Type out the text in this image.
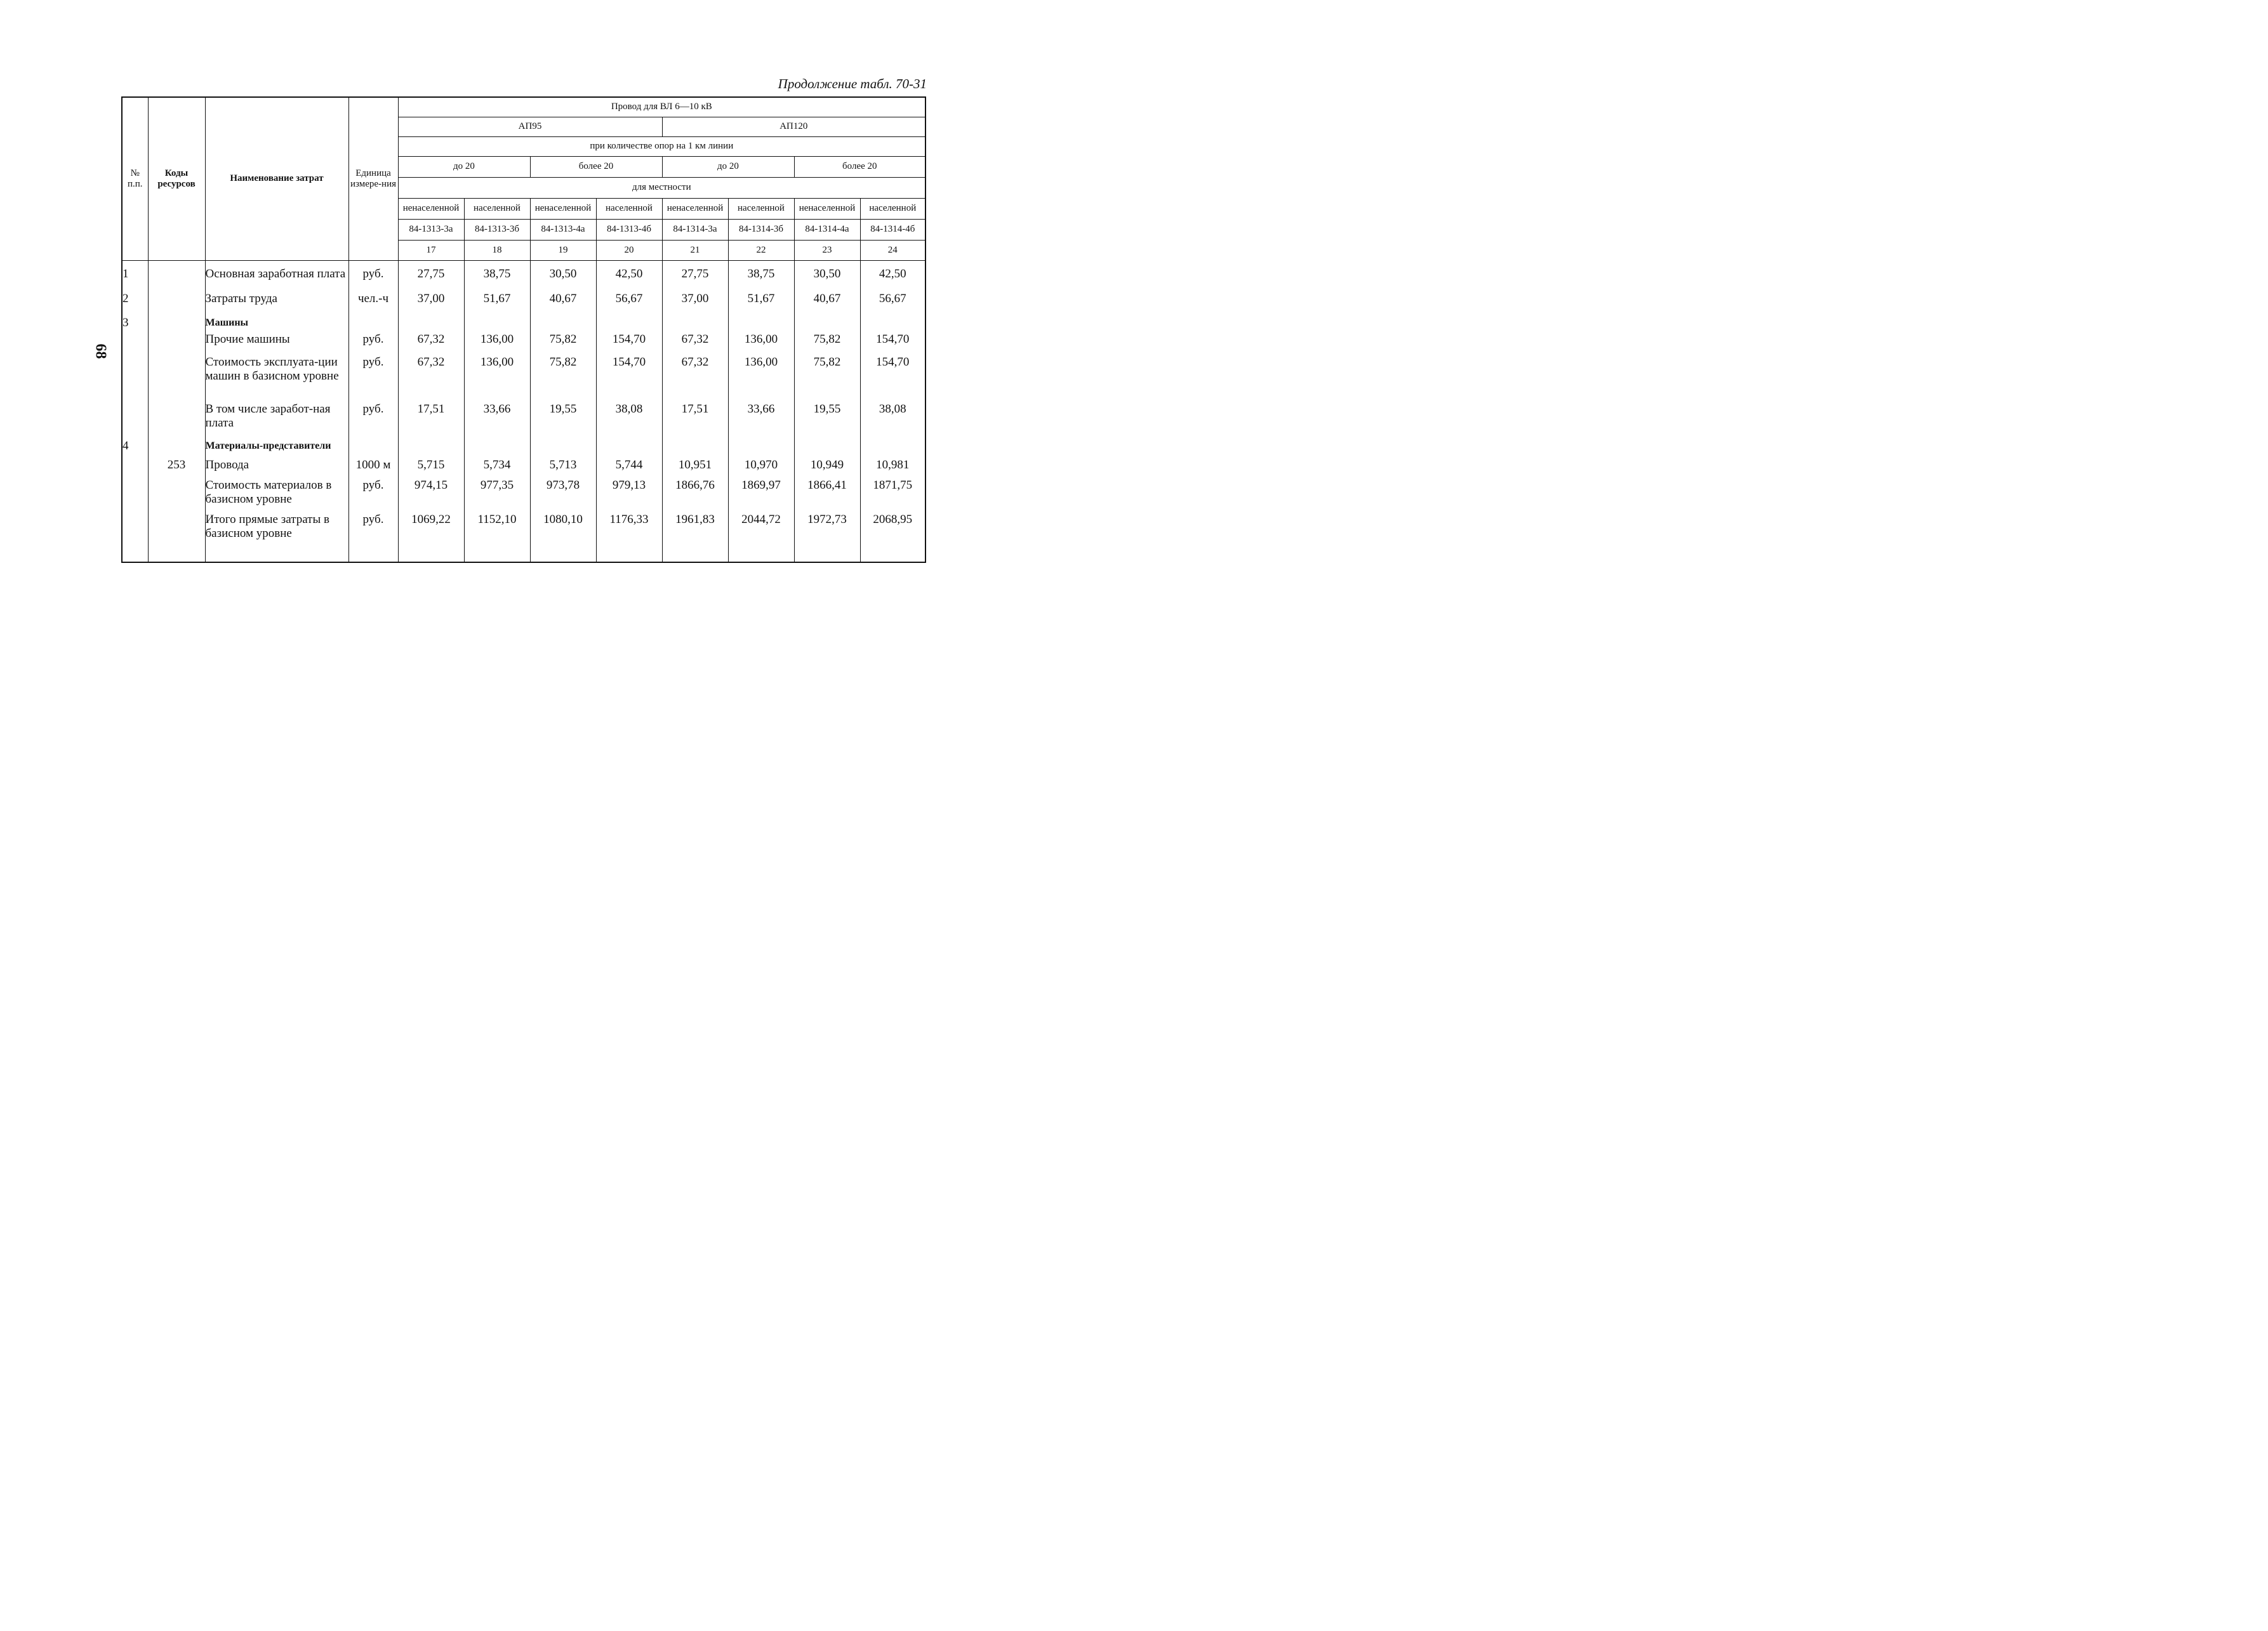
Продолжение табл. 70-31
68
№ п.п.	Коды ресурсов	Наименование затрат	Единица измере-ния	Провод для ВЛ 6—10 кВ							
				АП95				АП120			
				при количестве опор на 1 км линии							
				до 20		более 20		до 20		более 20	
				для местности							
				ненаселенной	населенной	ненаселенной	населенной	ненаселенной	населенной	ненаселенной	населенной
				84-1313-3а	84-1313-3б	84-1313-4а	84-1313-4б	84-1314-3а	84-1314-3б	84-1314-4а	84-1314-4б
				17	18	19	20	21	22	23	24
1		Основная заработная плата	руб.	27,75	38,75	30,50	42,50	27,75	38,75	30,50	42,50
2		Затраты труда	чел.-ч	37,00	51,67	40,67	56,67	37,00	51,67	40,67	56,67
3		Машины									
		Прочие машины	руб.	67,32	136,00	75,82	154,70	67,32	136,00	75,82	154,70
		Стоимость эксплуата-ции машин в базисном уровне	руб.	67,32	136,00	75,82	154,70	67,32	136,00	75,82	154,70
		В том числе заработ-ная плата	руб.	17,51	33,66	19,55	38,08	17,51	33,66	19,55	38,08
4		Материалы-представители									
	253	Провода	1000 м	5,715	5,734	5,713	5,744	10,951	10,970	10,949	10,981
		Стоимость материалов в базисном уровне	руб.	974,15	977,35	973,78	979,13	1866,76	1869,97	1866,41	1871,75
		Итого прямые затраты в базисном уровне	руб.	1069,22	1152,10	1080,10	1176,33	1961,83	2044,72	1972,73	2068,95
